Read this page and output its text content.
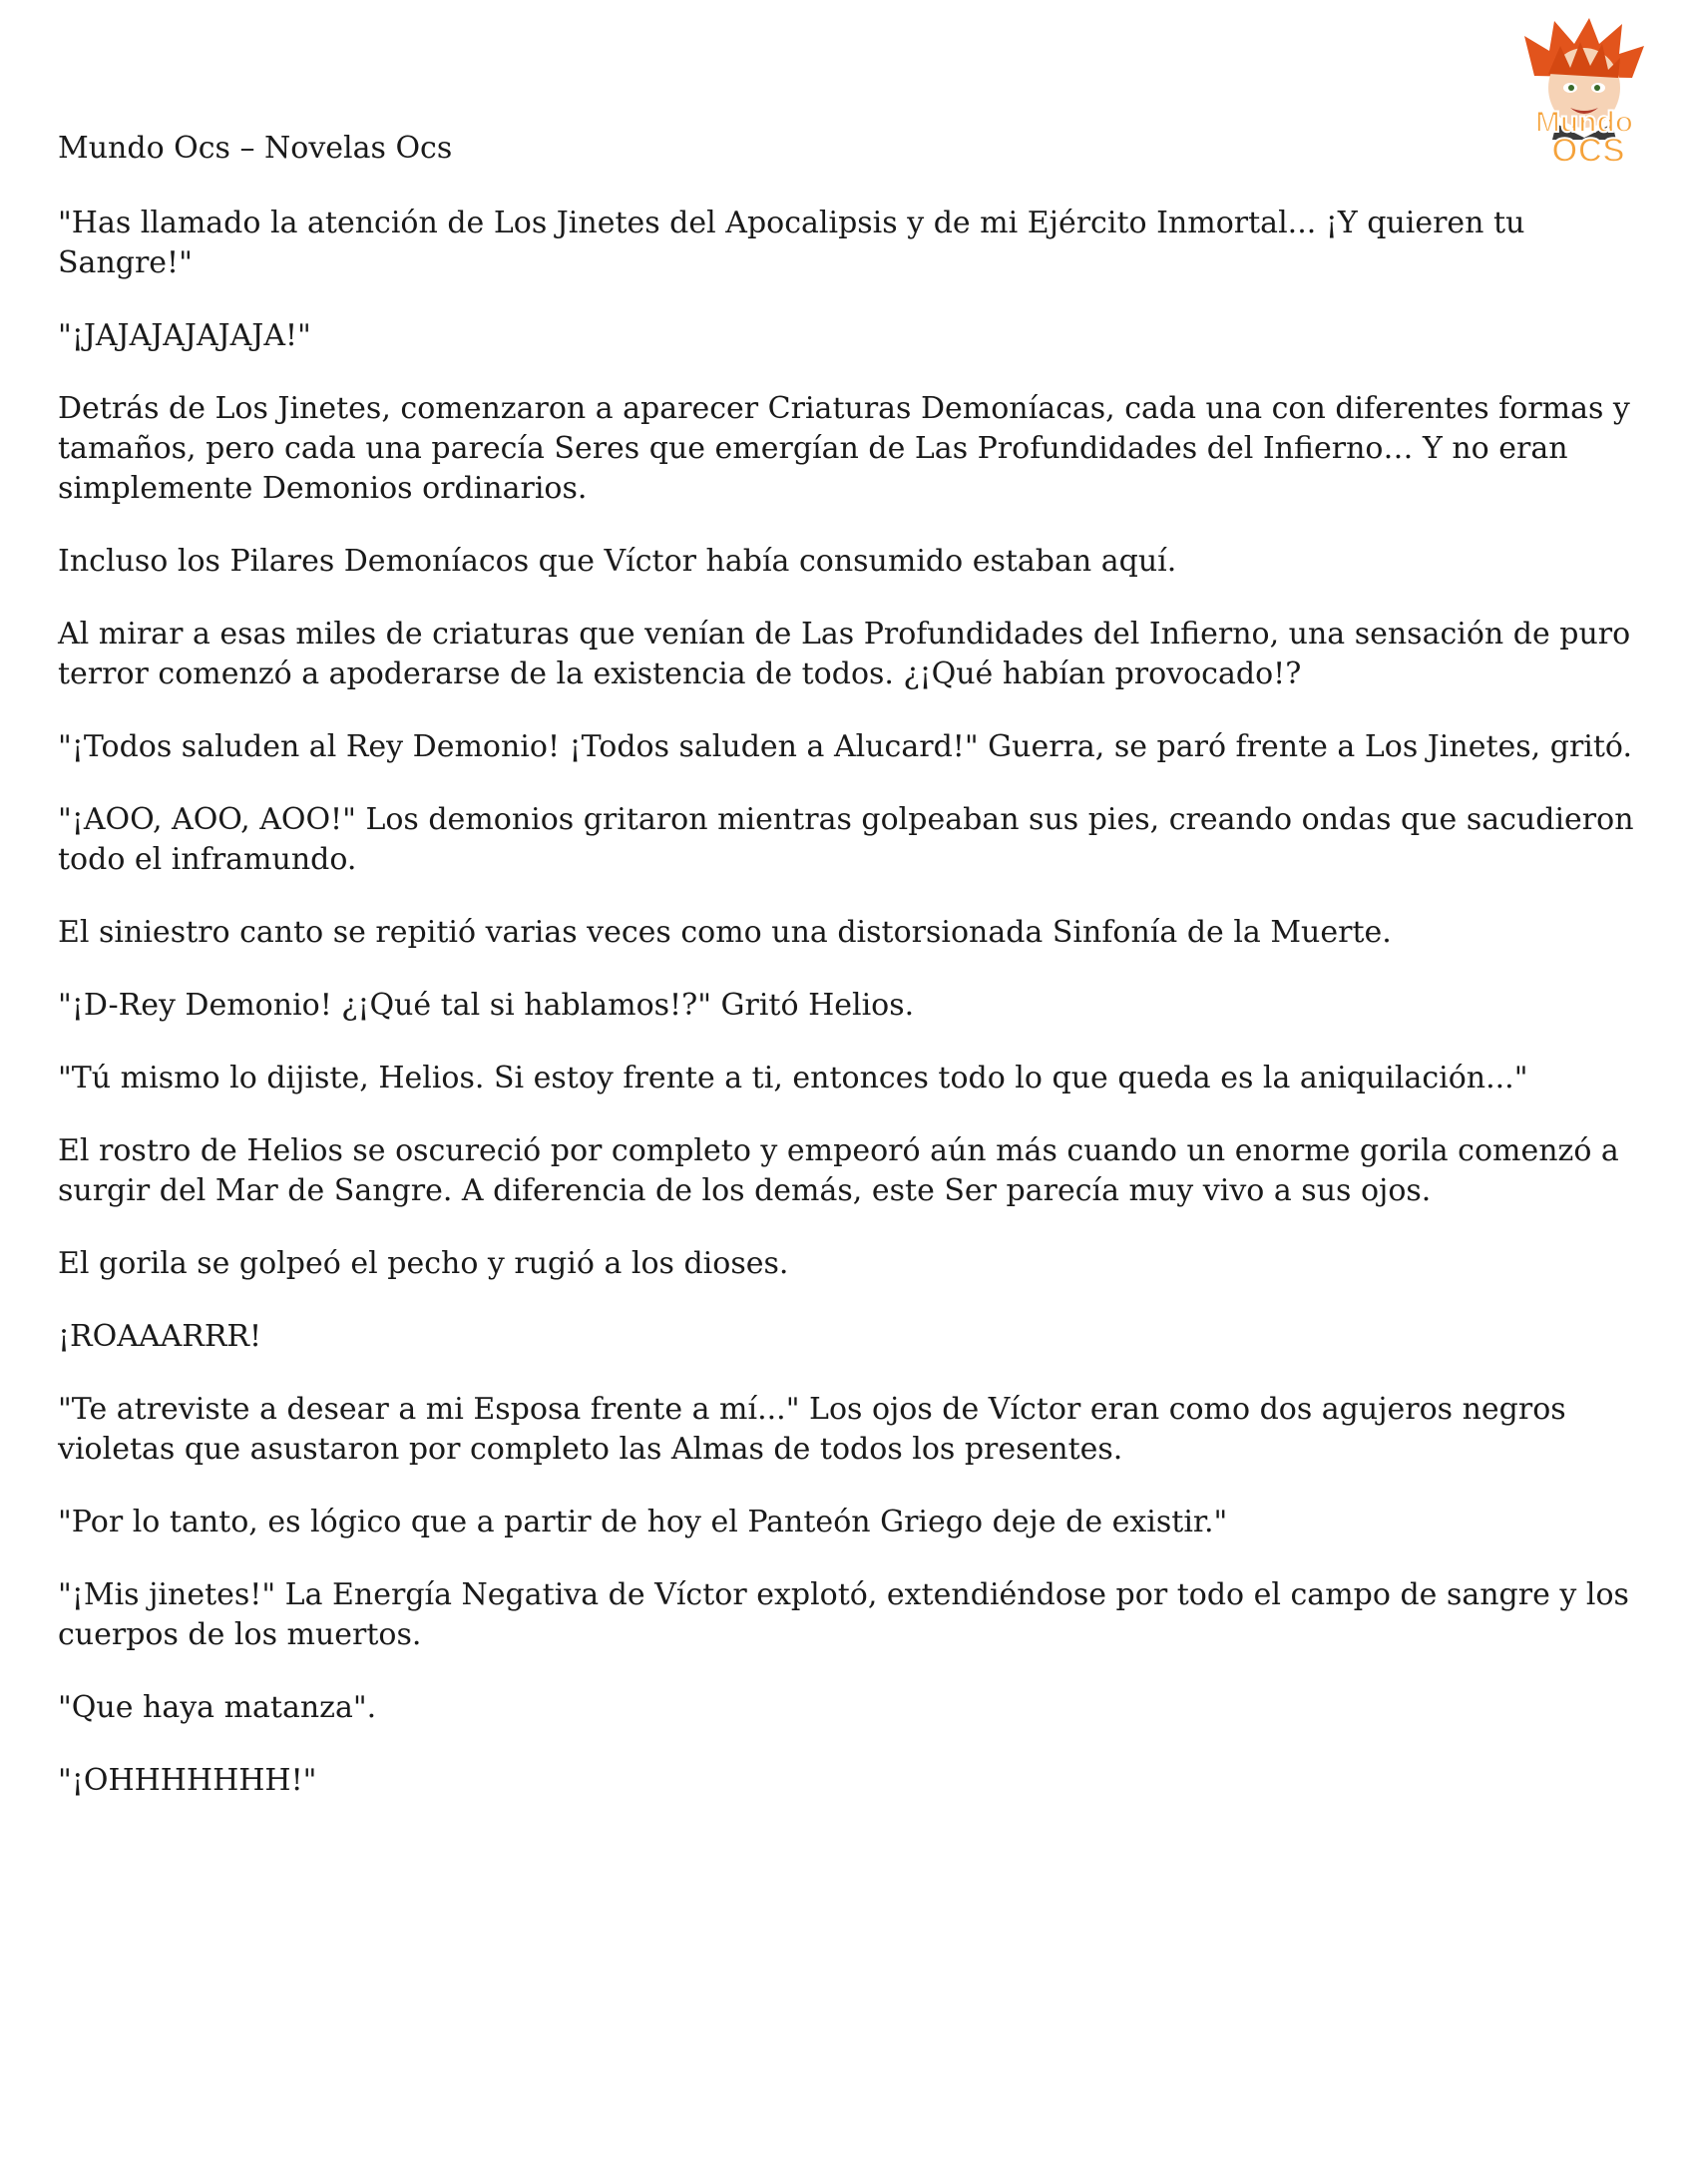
Mundo
OCS
Mundo Ocs – Novelas Ocs

"Has llamado la atención de Los Jinetes del Apocalipsis y de mi Ejército Inmortal... ¡Y quieren tu Sangre!"

"¡JAJAJAJAJAJA!"

Detrás de Los Jinetes, comenzaron a aparecer Criaturas Demoníacas, cada una con diferentes formas y tamaños, pero cada una parecía Seres que emergían de Las Profundidades del Infierno… Y no eran simplemente Demonios ordinarios.

Incluso los Pilares Demoníacos que Víctor había consumido estaban aquí.

Al mirar a esas miles de criaturas que venían de Las Profundidades del Infierno, una sensación de puro terror comenzó a apoderarse de la existencia de todos. ¿¡Qué habían provocado!?

"¡Todos saluden al Rey Demonio! ¡Todos saluden a Alucard!" Guerra, se paró frente a Los Jinetes, gritó.

"¡AOO, AOO, AOO!" Los demonios gritaron mientras golpeaban sus pies, creando ondas que sacudieron todo el inframundo.

El siniestro canto se repitió varias veces como una distorsionada Sinfonía de la Muerte.

"¡D-Rey Demonio! ¿¡Qué tal si hablamos!?" Gritó Helios.

"Tú mismo lo dijiste, Helios. Si estoy frente a ti, entonces todo lo que queda es la aniquilación..."

El rostro de Helios se oscureció por completo y empeoró aún más cuando un enorme gorila comenzó a surgir del Mar de Sangre. A diferencia de los demás, este Ser parecía muy vivo a sus ojos.

El gorila se golpeó el pecho y rugió a los dioses.

¡ROAAARRR!

"Te atreviste a desear a mi Esposa frente a mí..." Los ojos de Víctor eran como dos agujeros negros violetas que asustaron por completo las Almas de todos los presentes.

"Por lo tanto, es lógico que a partir de hoy el Panteón Griego deje de existir."

"¡Mis jinetes!" La Energía Negativa de Víctor explotó, extendiéndose por todo el campo de sangre y los cuerpos de los muertos.

"Que haya matanza".

"¡OHHHHHHH!"
